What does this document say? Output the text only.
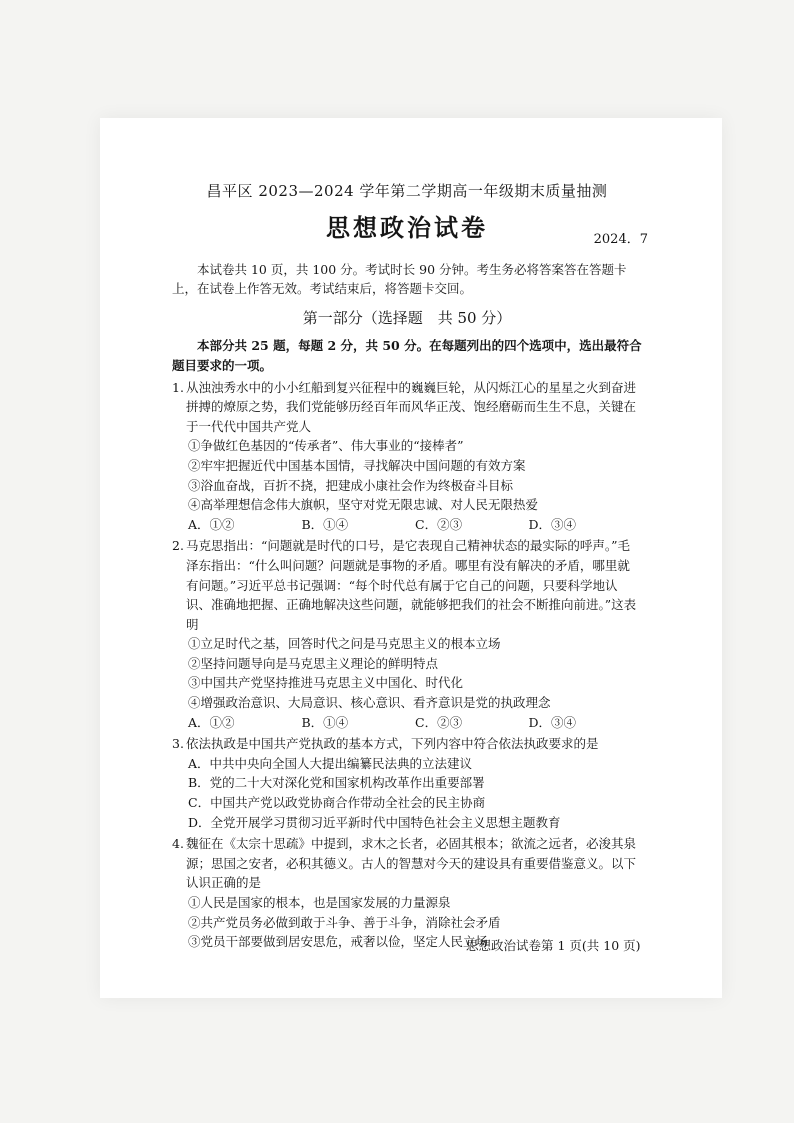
昌平区 2023—2024 学年第二学期高一年级期末质量抽测
思想政治试卷	2024．7
本试卷共 10 页，共 100 分。考试时长 90 分钟。考生务必将答案答在答题卡上，在试卷上作答无效。考试结束后，将答题卡交回。
第一部分（选择题　共 50 分）
本部分共 25 题，每题 2 分，共 50 分。在每题列出的四个选项中，选出最符合题目要求的一项。
1. 从浊浊秀水中的小小红船到复兴征程中的巍巍巨轮，从闪烁江心的星星之火到奋进拼搏的燎原之势，我们党能够历经百年而风华正茂、饱经磨砺而生生不息，关键在于一代代中国共产党人
①争做红色基因的“传承者”、伟大事业的“接棒者”
②牢牢把握近代中国基本国情，寻找解决中国问题的有效方案
③浴血奋战，百折不挠，把建成小康社会作为终极奋斗目标
④高举理想信念伟大旗帜，坚守对党无限忠诚、对人民无限热爱
A．①②	B．①④	C．②③	D．③④
2. 马克思指出：“问题就是时代的口号，是它表现自己精神状态的最实际的呼声。”毛泽东指出：“什么叫问题？问题就是事物的矛盾。哪里有没有解决的矛盾，哪里就有问题。”习近平总书记强调：“每个时代总有属于它自己的问题，只要科学地认识、准确地把握、正确地解决这些问题，就能够把我们的社会不断推向前进。”这表明
①立足时代之基，回答时代之问是马克思主义的根本立场
②坚持问题导向是马克思主义理论的鲜明特点
③中国共产党坚持推进马克思主义中国化、时代化
④增强政治意识、大局意识、核心意识、看齐意识是党的执政理念
A．①②	B．①④	C．②③	D．③④
3. 依法执政是中国共产党执政的基本方式，下列内容中符合依法执政要求的是
A．中共中央向全国人大提出编纂民法典的立法建议
B．党的二十大对深化党和国家机构改革作出重要部署
C．中国共产党以政党协商合作带动全社会的民主协商
D．全党开展学习贯彻习近平新时代中国特色社会主义思想主题教育
4. 魏征在《太宗十思疏》中提到，求木之长者，必固其根本；欲流之远者，必浚其泉源；思国之安者，必积其德义。古人的智慧对今天的建设具有重要借鉴意义。以下认识正确的是
①人民是国家的根本，也是国家发展的力量源泉
②共产党员务必做到敢于斗争、善于斗争，消除社会矛盾
③党员干部要做到居安思危，戒奢以俭，坚定人民立场
思想政治试卷第 1 页(共 10 页)
